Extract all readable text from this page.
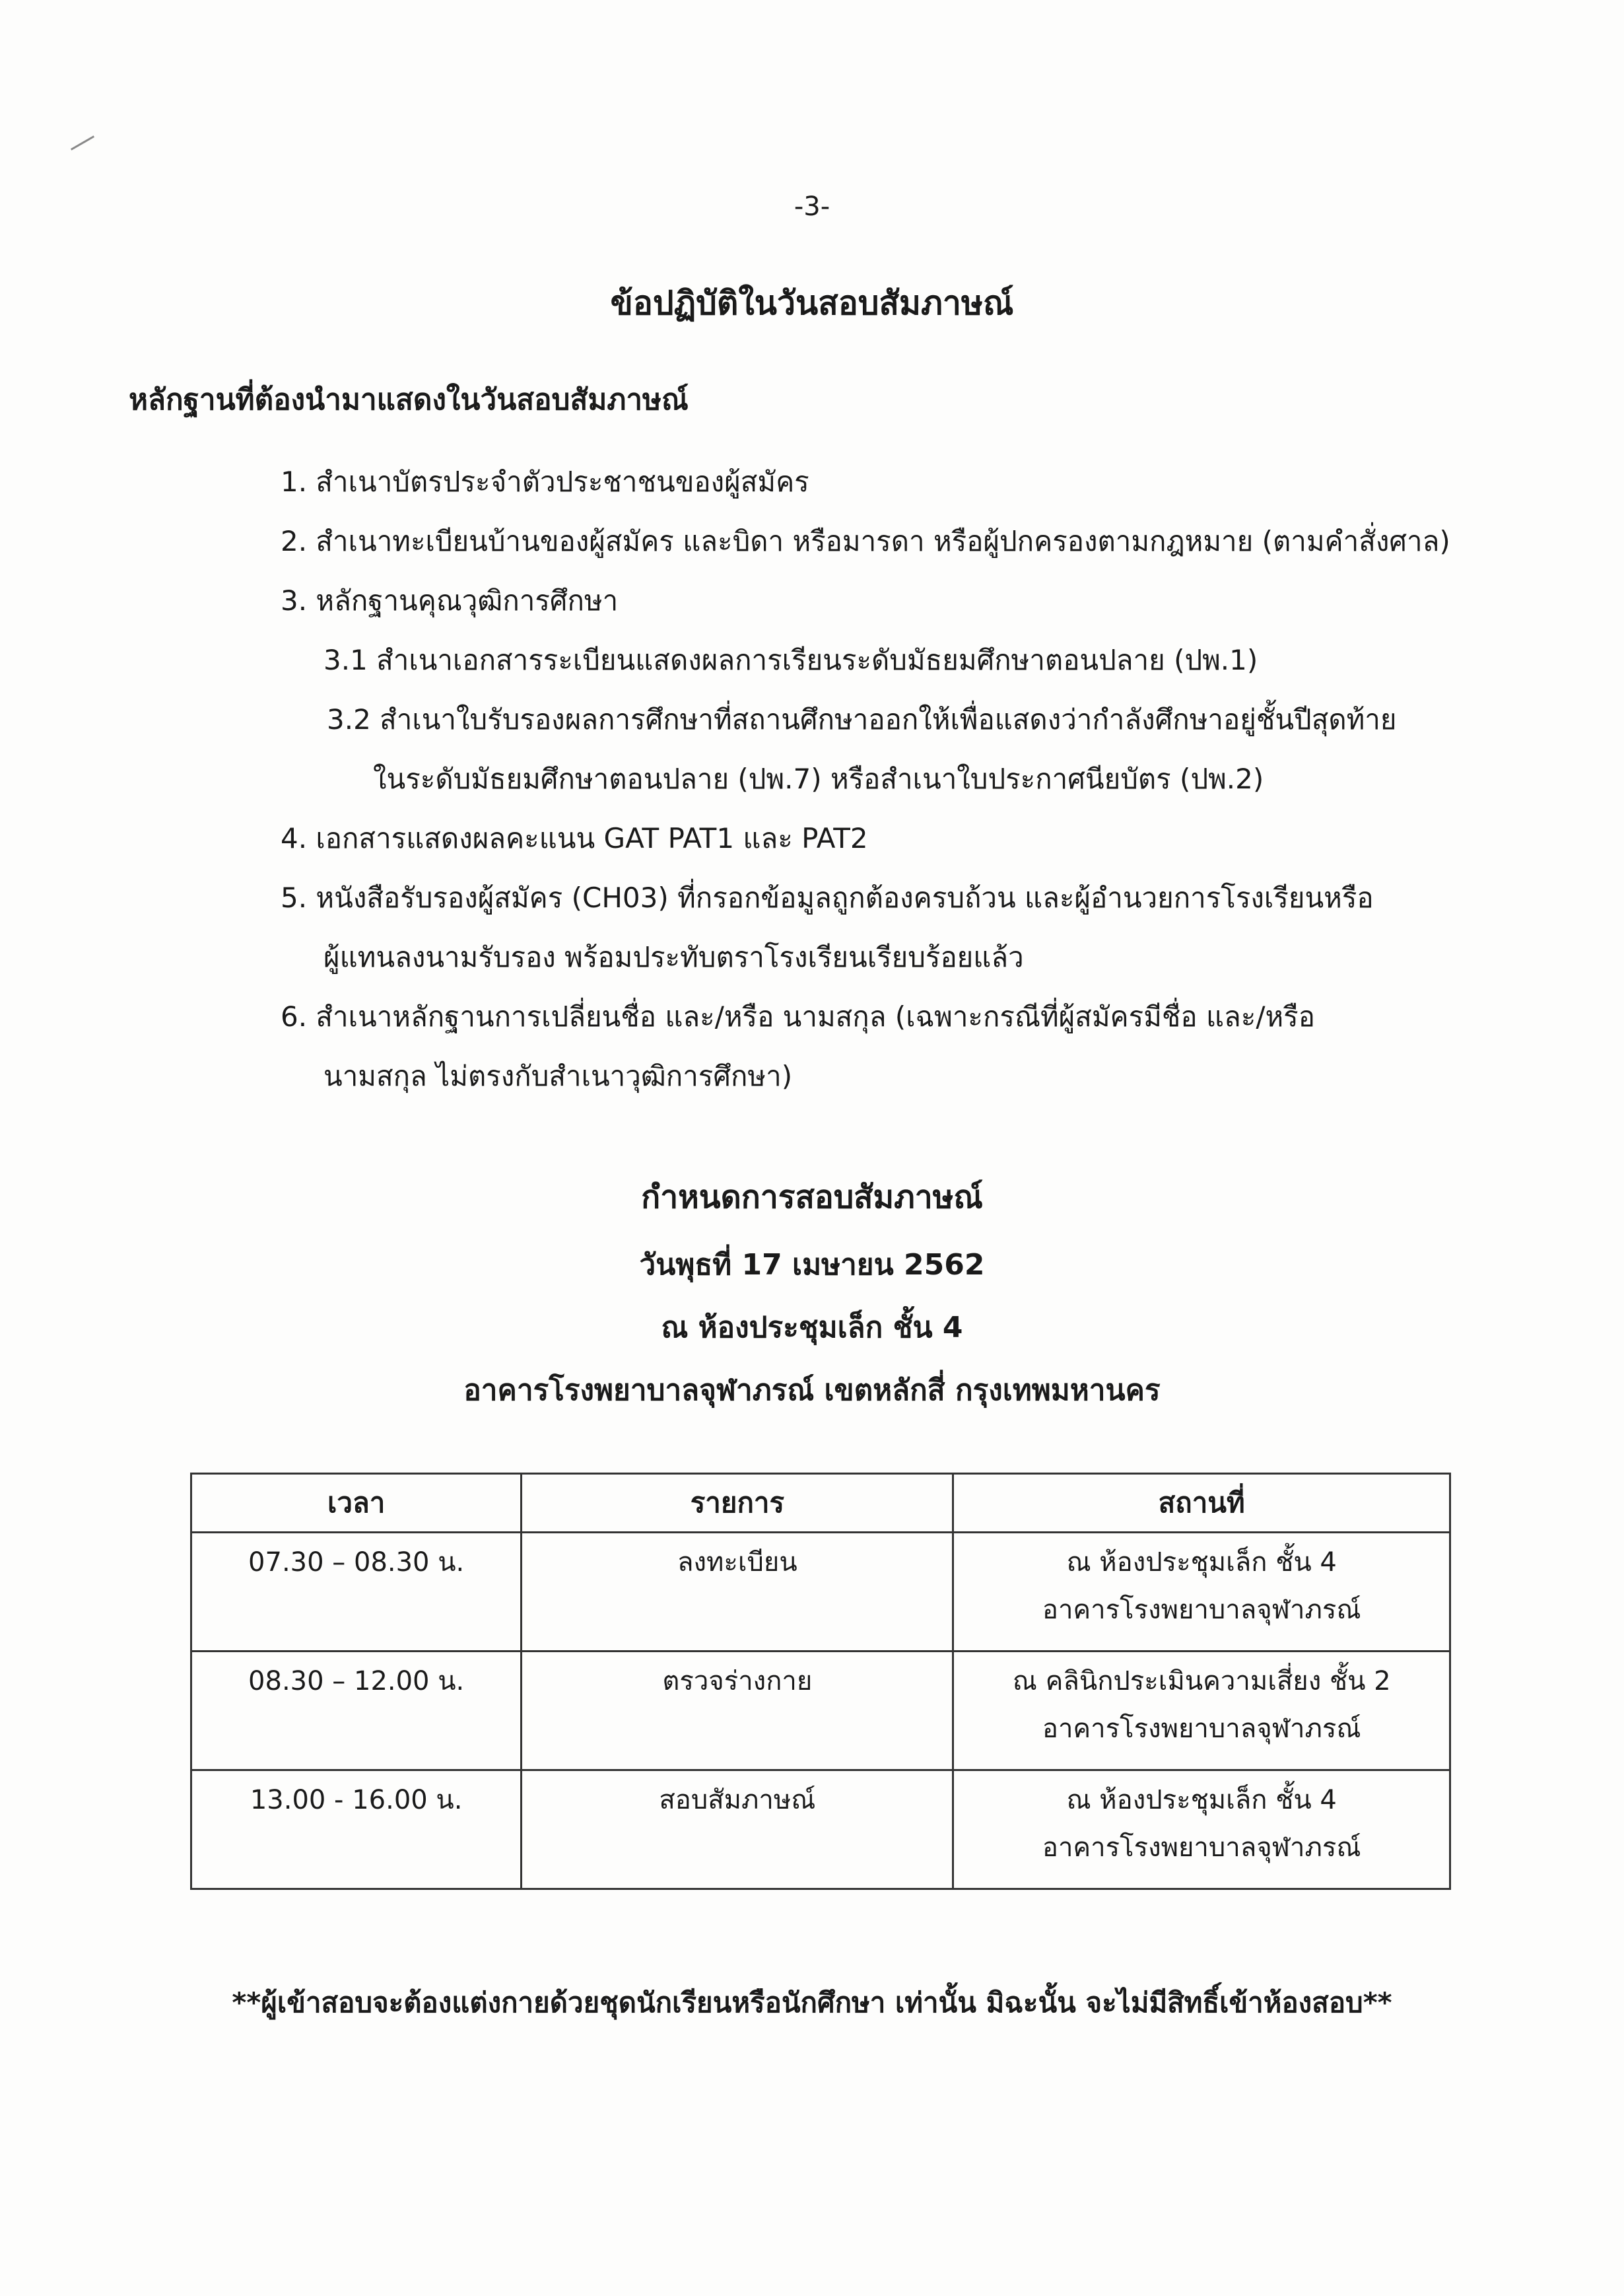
-3-
ข้อปฏิบัติในวันสอบสัมภาษณ์
หลักฐานที่ต้องนำมาแสดงในวันสอบสัมภาษณ์
1. สำเนาบัตรประจำตัวประชาชนของผู้สมัคร
2. สำเนาทะเบียนบ้านของผู้สมัคร และบิดา หรือมารดา หรือผู้ปกครองตามกฎหมาย (ตามคำสั่งศาล)
3. หลักฐานคุณวุฒิการศึกษา
3.1 สำเนาเอกสารระเบียนแสดงผลการเรียนระดับมัธยมศึกษาตอนปลาย (ปพ.1)
3.2 สำเนาใบรับรองผลการศึกษาที่สถานศึกษาออกให้เพื่อแสดงว่ากำลังศึกษาอยู่ชั้นปีสุดท้าย
ในระดับมัธยมศึกษาตอนปลาย (ปพ.7) หรือสำเนาใบประกาศนียบัตร (ปพ.2)
4. เอกสารแสดงผลคะแนน GAT PAT1 และ PAT2
5. หนังสือรับรองผู้สมัคร (CH03) ที่กรอกข้อมูลถูกต้องครบถ้วน และผู้อำนวยการโรงเรียนหรือ
ผู้แทนลงนามรับรอง พร้อมประทับตราโรงเรียนเรียบร้อยแล้ว
6. สำเนาหลักฐานการเปลี่ยนชื่อ และ/หรือ นามสกุล (เฉพาะกรณีที่ผู้สมัครมีชื่อ และ/หรือ
นามสกุล ไม่ตรงกับสำเนาวุฒิการศึกษา)
กำหนดการสอบสัมภาษณ์
วันพุธที่ 17 เมษายน 2562
ณ ห้องประชุมเล็ก ชั้น 4
อาคารโรงพยาบาลจุฬาภรณ์ เขตหลักสี่ กรุงเทพมหานคร
เวลา	รายการ	สถานที่
07.30 – 08.30 น.	ลงทะเบียน	ณ ห้องประชุมเล็ก ชั้น 4
อาคารโรงพยาบาลจุฬาภรณ์

08.30 – 12.00 น.	ตรวจร่างกาย	ณ คลินิกประเมินความเสี่ยง ชั้น 2
อาคารโรงพยาบาลจุฬาภรณ์

13.00 - 16.00 น.	สอบสัมภาษณ์	ณ ห้องประชุมเล็ก ชั้น 4
อาคารโรงพยาบาลจุฬาภรณ์
**ผู้เข้าสอบจะต้องแต่งกายด้วยชุดนักเรียนหรือนักศึกษา เท่านั้น มิฉะนั้น จะไม่มีสิทธิ์เข้าห้องสอบ**
